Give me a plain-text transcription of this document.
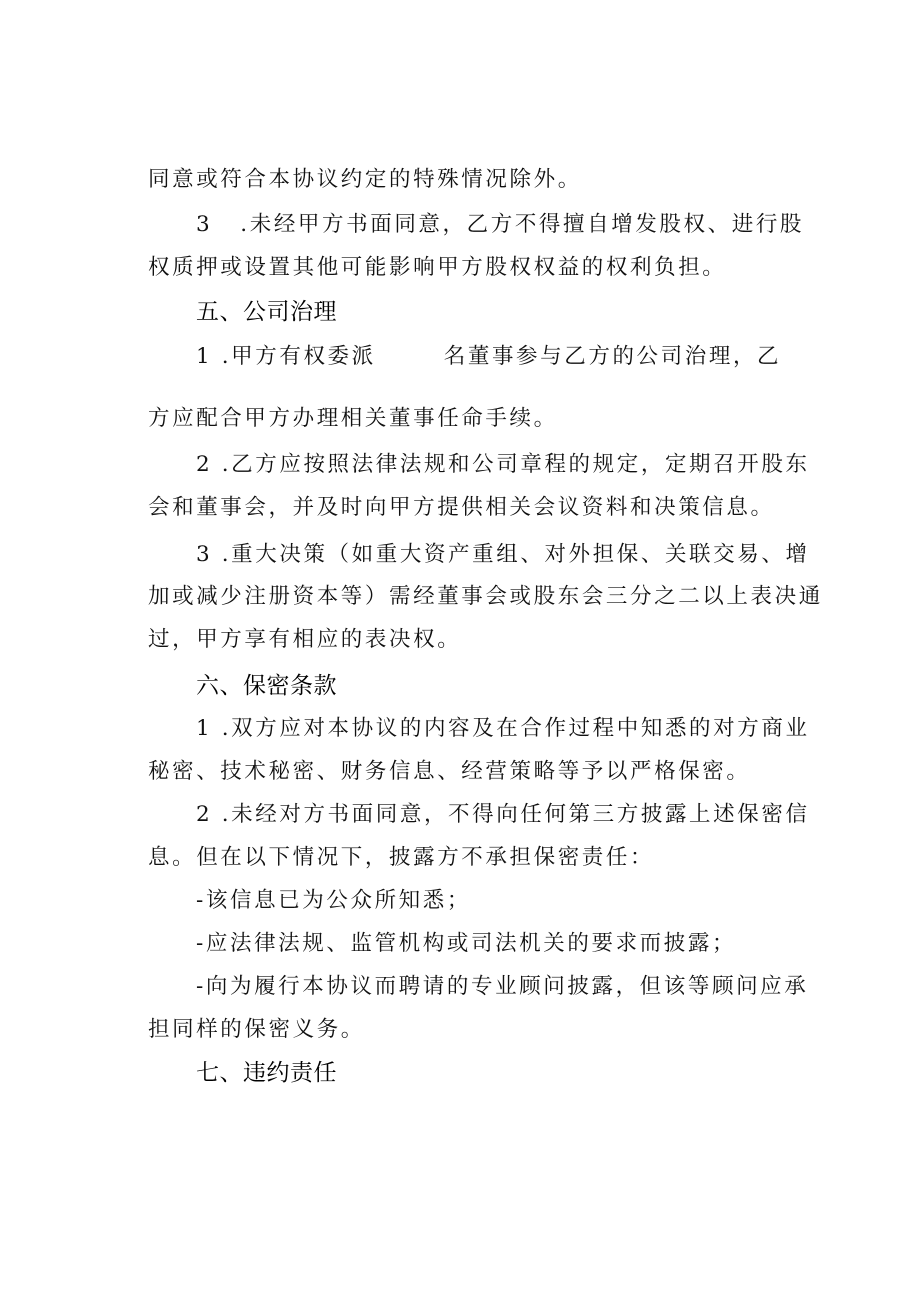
同意或符合本协议约定的特殊情况除外。
3 .未经甲方书面同意，乙方不得擅自增发股权、进行股
权质押或设置其他可能影响甲方股权权益的权利负担。
五、公司治理
1 .甲方有权委派	名董事参与乙方的公司治理，乙
方应配合甲方办理相关董事任命手续。
2 .乙方应按照法律法规和公司章程的规定，定期召开股东
会和董事会，并及时向甲方提供相关会议资料和决策信息。
3 .重大决策（如重大资产重组、对外担保、关联交易、增
加或减少注册资本等）需经董事会或股东会三分之二以上表决通
过，甲方享有相应的表决权。
六、保密条款
1 .双方应对本协议的内容及在合作过程中知悉的对方商业
秘密、技术秘密、财务信息、经营策略等予以严格保密。
2 .未经对方书面同意，不得向任何第三方披露上述保密信
息。但在以下情况下，披露方不承担保密责任：
-该信息已为公众所知悉；
-应法律法规、监管机构或司法机关的要求而披露；
-向为履行本协议而聘请的专业顾问披露，但该等顾问应承
担同样的保密义务。
七、违约责任
